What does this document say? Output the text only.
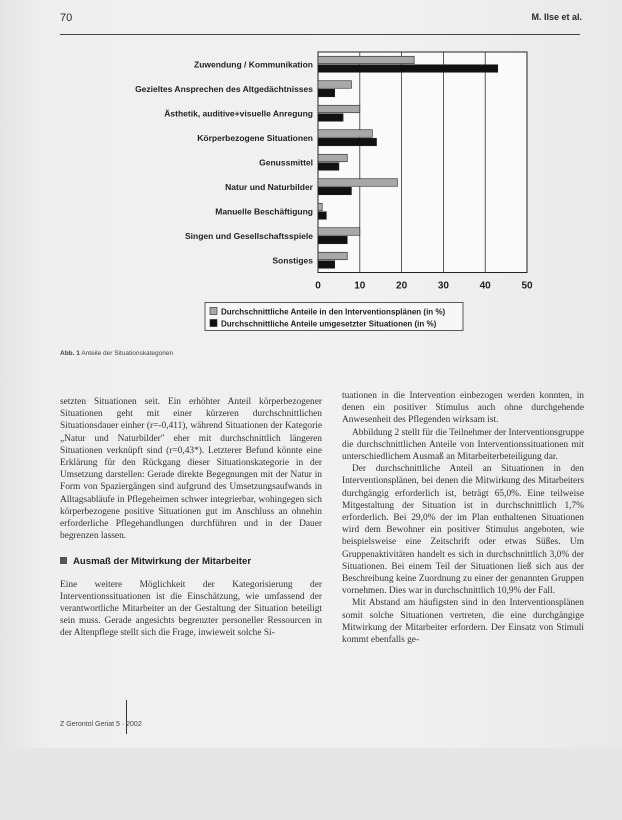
70	M. Ilse et al.
Zuwendung / Kommunikation
Gezieltes Ansprechen des Altgedächtnisses
Ästhetik, auditive+visuelle Anregung
Körperbezogene Situationen
Genussmittel
Natur und Naturbilder
Manuelle Beschäftigung
Singen und Gesellschaftsspiele
Sonstiges
0	10	20	30	40	50
Durchschnittliche Anteile in den Interventionsplänen (in %)
Durchschnittliche Anteile umgesetzter Situationen (in %)
Abb. 1 Anteile der Situationskategorien

setzten Situationen seit. Ein erhöhter Anteil körperbezogener Situationen geht mit einer kürzeren durchschnittlichen Situationsdauer einher (r=-0,411), während Situationen der Kategorie „Natur und Naturbilder" eher mit durchschnittlich längeren Situationen verknüpft sind (r=0,43*). Letzterer Befund könnte eine Erklärung für den Rückgang dieser Situationskategorie in der Umsetzung darstellen: Gerade direkte Begegnungen mit der Natur in Form von Spaziergängen sind aufgrund des Umsetzungsaufwands in Alltagsabläufe in Pflegeheimen schwer integrierbar, wohingegen sich körperbezogene positive Situationen gut im Anschluss an ohnehin erforderliche Pflegehandlungen durchführen und in der Dauer begrenzen lassen.

Ausmaß der Mitwirkung der Mitarbeiter

Eine weitere Möglichkeit der Kategorisierung der Interventionssituationen ist die Einschätzung, wie umfassend der verantwortliche Mitarbeiter an der Gestaltung der Situation beteiligt sein muss. Gerade angesichts begrenzter personeller Ressourcen in der Altenpflege stellt sich die Frage, inwieweit solche Si-

tuationen in die Intervention einbezogen werden konnten, in denen ein positiver Stimulus auch ohne durchgehende Anwesenheit des Pflegenden wirksam ist.

Abbildung 2 stellt für die Teilnehmer der Interventionsgruppe die durchschnittlichen Anteile von Interventionssituationen mit unterschiedlichem Ausmaß an Mitarbeiterbeteiligung dar.

Der durchschnittliche Anteil an Situationen in den Interventionsplänen, bei denen die Mitwirkung des Mitarbeiters durchgängig erforderlich ist, beträgt 65,0%. Eine teilweise Mitgestaltung der Situation ist in durchschnittlich 1,7% erforderlich. Bei 29,0% der im Plan enthaltenen Situationen wird dem Bewohner ein positiver Stimulus angeboten, wie beispielsweise eine Zeitschrift oder etwas Süßes. Um Gruppenaktivitäten handelt es sich in durchschnittlich 3,0% der Situationen. Bei einem Teil der Situationen ließ sich aus der Beschreibung keine Zuordnung zu einer der genannten Gruppen vornehmen. Dies war in durchschnittlich 10,9% der Fall.

Mit Abstand am häufigsten sind in den Interventionsplänen somit solche Situationen vertreten, die eine durchgängige Mitwirkung der Mitarbeiter erfordern. Der Einsatz von Stimuli kommt ebenfalls ge-

Z Gerontol Geriat 5 · 2002
